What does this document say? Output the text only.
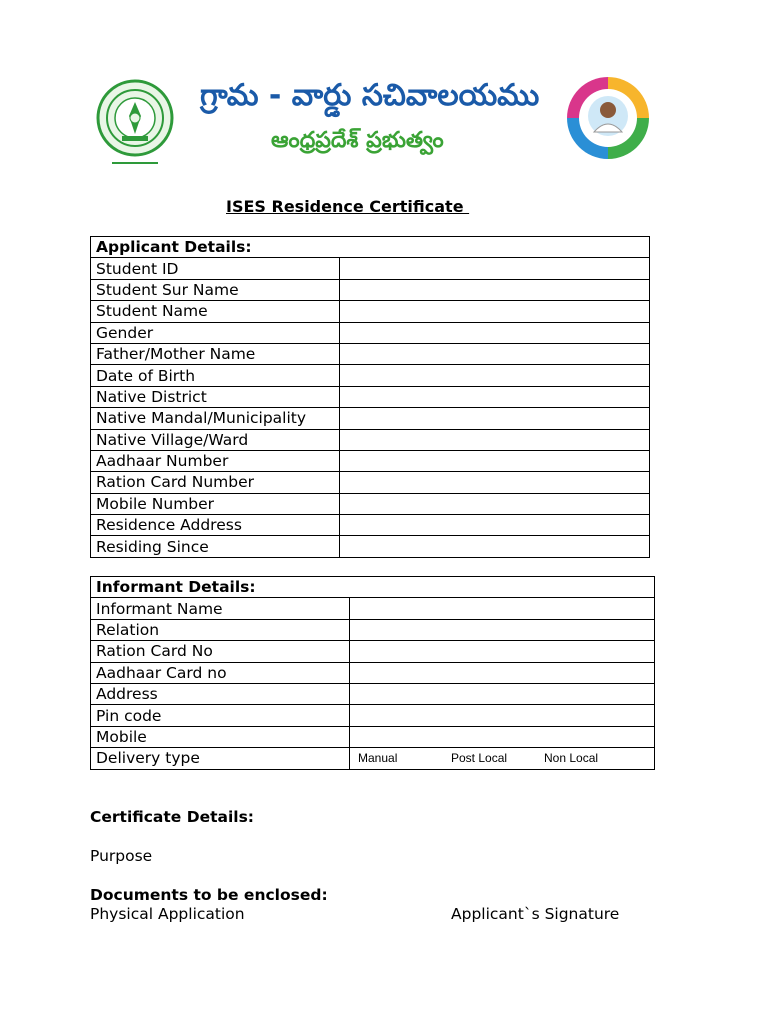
గ్రామ - వార్డు సచివాలయము
ఆంధ్రప్రదేశ్ ప్రభుత్వం
ISES Residence Certificate
Applicant Details:	
Student ID	
Student Sur Name	
Student Name	
Gender	
Father/Mother Name	
Date of Birth	
Native District	
Native Mandal/Municipality	
Native Village/Ward	
Aadhaar Number	
Ration Card Number	
Mobile Number	
Residence Address	
Residing Since	
Informant Details:	
Informant Name	
Relation	
Ration Card No	
Aadhaar Card no	
Address	
Pin code	
Mobile	
Delivery type	Manual Post Local Non Local
Certificate Details:
Purpose
Documents to be enclosed:
Physical Application	Applicant`s Signature
